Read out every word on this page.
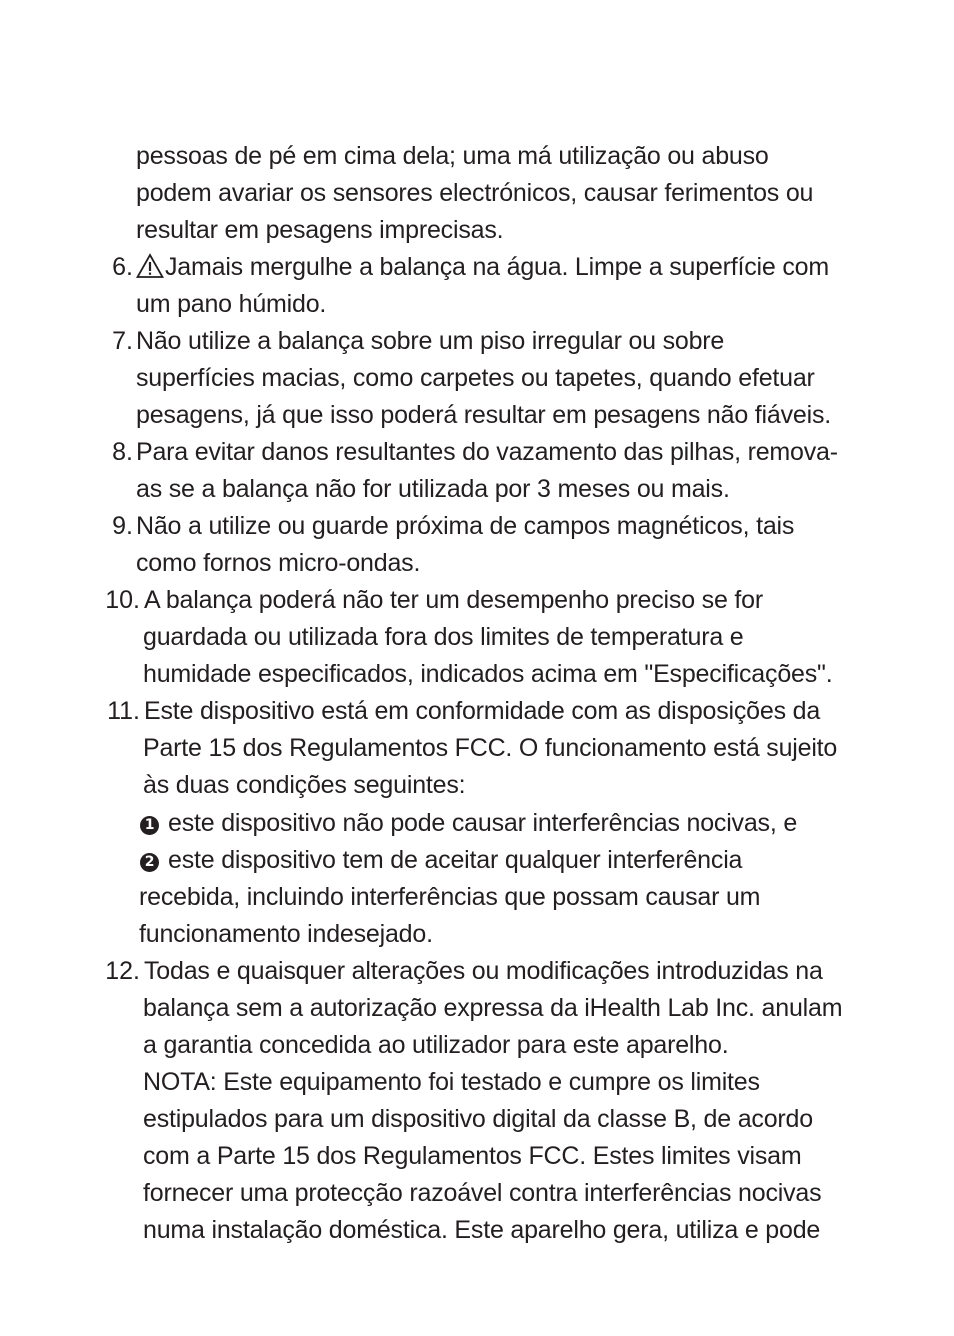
pessoas de pé em cima dela; uma má utilização ou abuso
podem avariar os sensores electrónicos, causar ferimentos ou
resultar em pesagens imprecisas.
6.	Jamais mergulhe a balança na água. Limpe a superfície com
um pano húmido.
7. Não utilize a balança sobre um piso irregular ou sobre
superfícies macias, como carpetes ou tapetes, quando efetuar
pesagens, já que isso poderá resultar em pesagens não fiáveis.
8. Para evitar danos resultantes do vazamento das pilhas, remova-
as se a balança não for utilizada por 3 meses ou mais.
9. Não a utilize ou guarde próxima de campos magnéticos, tais
como fornos micro-ondas.
10. A balança poderá não ter um desempenho preciso se for
guardada ou utilizada fora dos limites de temperatura e
humidade especificados, indicados acima em "Especificações".
11. Este dispositivo está em conformidade com as disposições da
Parte 15 dos Regulamentos FCC. O funcionamento está sujeito
às duas condições seguintes:
1 este dispositivo não pode causar interferências nocivas, e
2 este dispositivo tem de aceitar qualquer interferência
recebida, incluindo interferências que possam causar um
funcionamento indesejado.
12. Todas e quaisquer alterações ou modificações introduzidas na
balança sem a autorização expressa da iHealth Lab Inc. anulam
a garantia concedida ao utilizador para este aparelho.
NOTA: Este equipamento foi testado e cumpre os limites
estipulados para um dispositivo digital da classe B, de acordo
com a Parte 15 dos Regulamentos FCC. Estes limites visam
fornecer uma protecção razoável contra interferências nocivas
numa instalação doméstica. Este aparelho gera, utiliza e pode
